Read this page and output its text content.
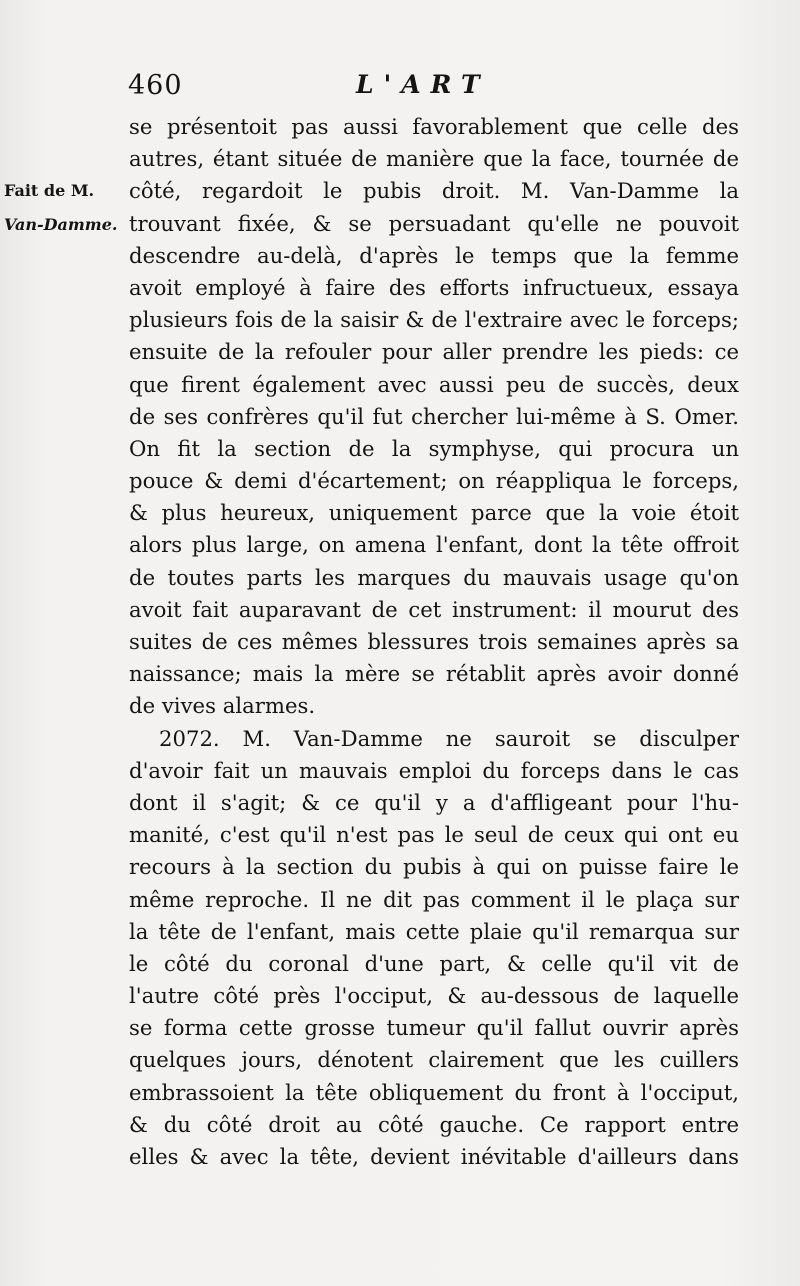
460	L'ART
Fait de M.
Van-Damme.
se présentoit pas aussi favorablement que celle des
autres, étant située de manière que la face, tournée de
côté, regardoit le pubis droit. M. Van-Damme la
trouvant fixée, & se persuadant qu'elle ne pouvoit
descendre au-delà, d'après le temps que la femme
avoit employé à faire des efforts infructueux, essaya
plusieurs fois de la saisir & de l'extraire avec le forceps;
ensuite de la refouler pour aller prendre les pieds: ce
que firent également avec aussi peu de succès, deux
de ses confrères qu'il fut chercher lui-même à S. Omer.
On fit la section de la symphyse, qui procura un
pouce & demi d'écartement; on réappliqua le forceps,
& plus heureux, uniquement parce que la voie étoit
alors plus large, on amena l'enfant, dont la tête offroit
de toutes parts les marques du mauvais usage qu'on
avoit fait auparavant de cet instrument: il mourut des
suites de ces mêmes blessures trois semaines après sa
naissance; mais la mère se rétablit après avoir donné
de vives alarmes.
2072. M. Van-Damme ne sauroit se disculper
d'avoir fait un mauvais emploi du forceps dans le cas
dont il s'agit; & ce qu'il y a d'affligeant pour l'hu-
manité, c'est qu'il n'est pas le seul de ceux qui ont eu
recours à la section du pubis à qui on puisse faire le
même reproche. Il ne dit pas comment il le plaça sur
la tête de l'enfant, mais cette plaie qu'il remarqua sur
le côté du coronal d'une part, & celle qu'il vit de
l'autre côté près l'occiput, & au-dessous de laquelle
se forma cette grosse tumeur qu'il fallut ouvrir après
quelques jours, dénotent clairement que les cuillers
embrassoient la tête obliquement du front à l'occiput,
& du côté droit au côté gauche. Ce rapport entre
elles & avec la tête, devient inévitable d'ailleurs dans
